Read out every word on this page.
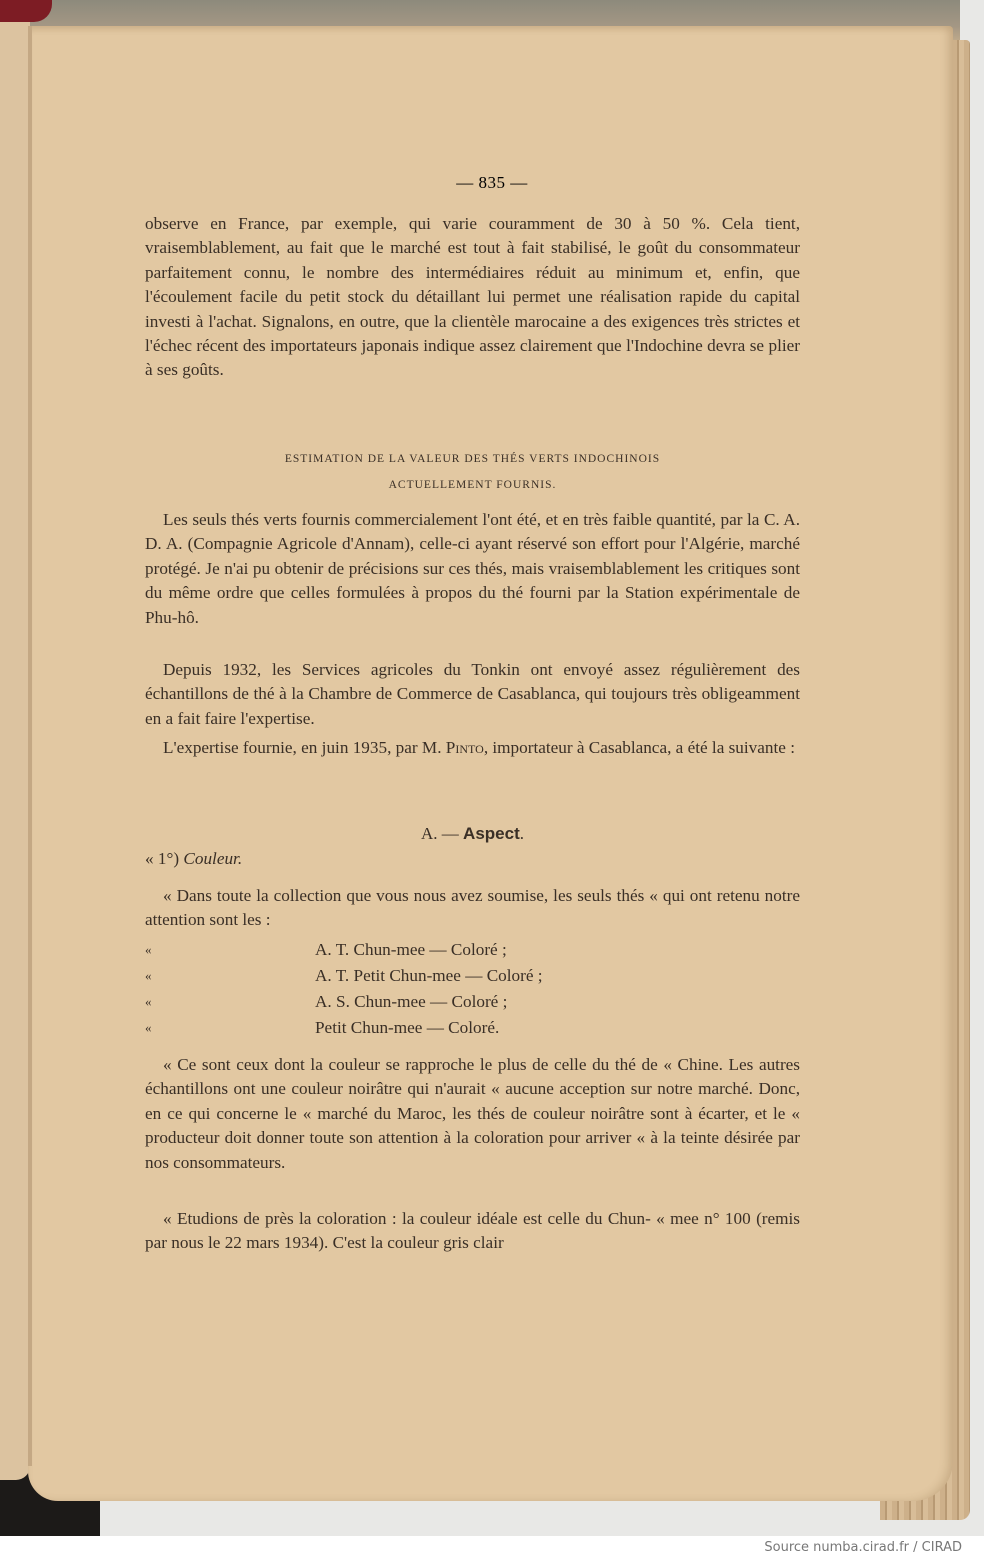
— 835 —

observe en France, par exemple, qui varie couramment de 30 à 50 %. Cela tient, vraisemblablement, au fait que le marché est tout à fait stabilisé, le goût du consommateur parfaitement connu, le nombre des intermédiaires réduit au minimum et, enfin, que l'écoulement facile du petit stock du détaillant lui permet une réalisation rapide du capital investi à l'achat. Signalons, en outre, que la clientèle marocaine a des exigences très strictes et l'échec récent des importateurs japonais indique assez clairement que l'Indochine devra se plier à ses goûts.

ESTIMATION DE LA VALEUR DES THÉS VERTS INDOCHINOIS
ACTUELLEMENT FOURNIS.

Les seuls thés verts fournis commercialement l'ont été, et en très faible quantité, par la C. A. D. A. (Compagnie Agricole d'Annam), celle-ci ayant réservé son effort pour l'Algérie, marché protégé. Je n'ai pu obtenir de précisions sur ces thés, mais vraisemblablement les critiques sont du même ordre que celles formulées à propos du thé fourni par la Station expérimentale de Phu-hô.

Depuis 1932, les Services agricoles du Tonkin ont envoyé assez régulièrement des échantillons de thé à la Chambre de Commerce de Casablanca, qui toujours très obligeamment en a fait faire l'expertise.

L'expertise fournie, en juin 1935, par M. Pinto, importateur à Casablanca, a été la suivante :

A. — Aspect.
« 1°) Couleur.

« Dans toute la collection que vous nous avez soumise, les seuls thés « qui ont retenu notre attention sont les :

«	A. T. Chun-mee — Coloré ;
«	A. T. Petit Chun-mee — Coloré ;
«	A. S. Chun-mee — Coloré ;
«	Petit Chun-mee — Coloré.

« Ce sont ceux dont la couleur se rapproche le plus de celle du thé de « Chine. Les autres échantillons ont une couleur noirâtre qui n'aurait « aucune acception sur notre marché. Donc, en ce qui concerne le « marché du Maroc, les thés de couleur noirâtre sont à écarter, et le « producteur doit donner toute son attention à la coloration pour arriver « à la teinte désirée par nos consommateurs.

« Etudions de près la coloration : la couleur idéale est celle du Chun- « mee n° 100 (remis par nous le 22 mars 1934). C'est la couleur gris clair

Source numba.cirad.fr / CIRAD
